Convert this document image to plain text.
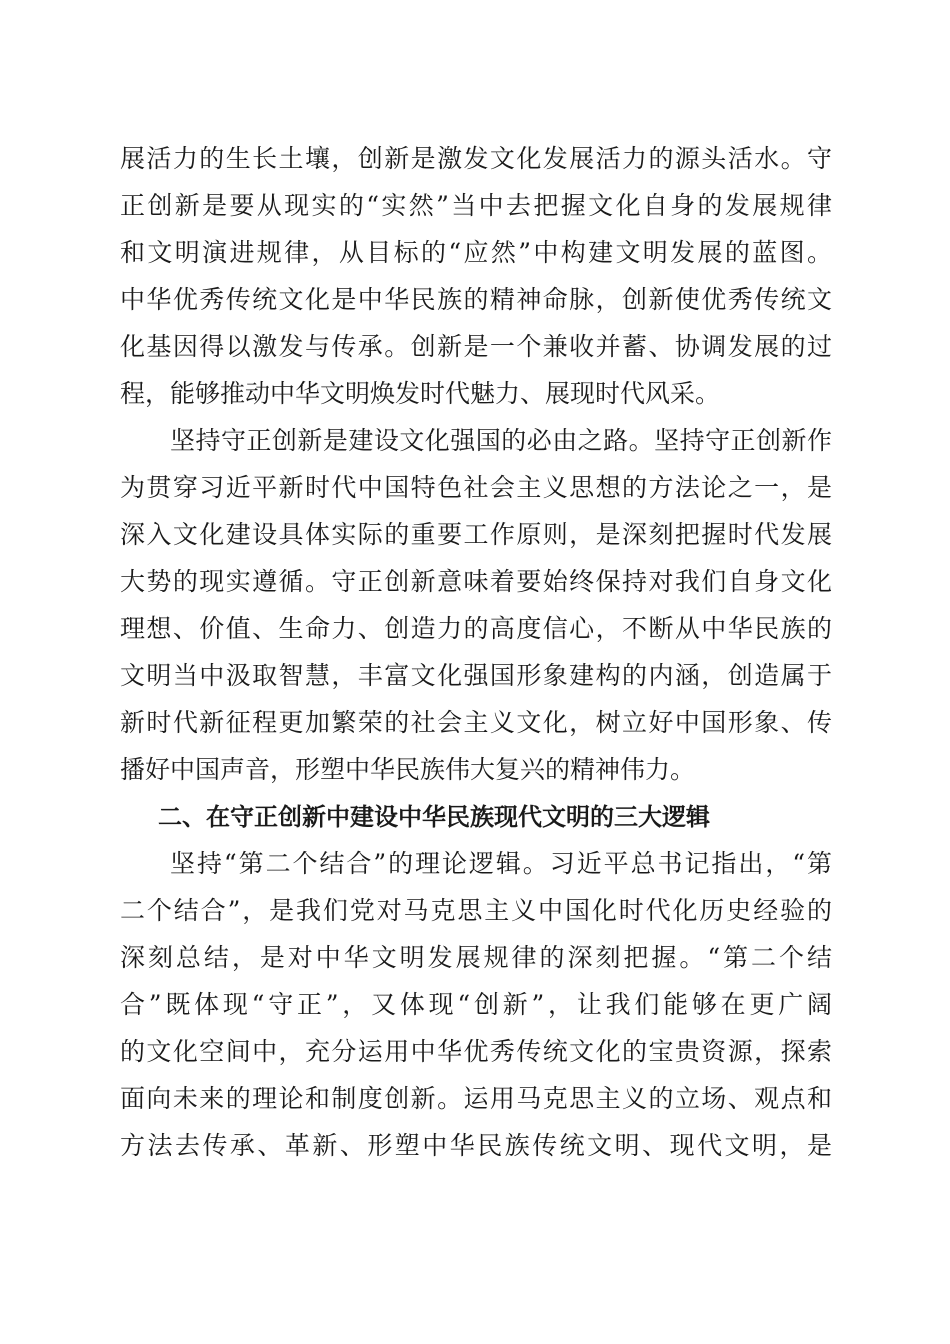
展活力的生长土壤，创新是激发文化发展活力的源头活水。守
正创新是要从现实的“实然”当中去把握文化自身的发展规律
和文明演进规律，从目标的“应然”中构建文明发展的蓝图。
中华优秀传统文化是中华民族的精神命脉，创新使优秀传统文
化基因得以激发与传承。创新是一个兼收并蓄、协调发展的过
程，能够推动中华文明焕发时代魅力、展现时代风采。
坚持守正创新是建设文化强国的必由之路。坚持守正创新作
为贯穿习近平新时代中国特色社会主义思想的方法论之一，是
深入文化建设具体实际的重要工作原则，是深刻把握时代发展
大势的现实遵循。守正创新意味着要始终保持对我们自身文化
理想、价值、生命力、创造力的高度信心，不断从中华民族的
文明当中汲取智慧，丰富文化强国形象建构的内涵，创造属于
新时代新征程更加繁荣的社会主义文化，树立好中国形象、传
播好中国声音，形塑中华民族伟大复兴的精神伟力。
二、在守正创新中建设中华民族现代文明的三大逻辑
坚持“第二个结合”的理论逻辑。习近平总书记指出，“第
二个结合”，是我们党对马克思主义中国化时代化历史经验的
深刻总结，是对中华文明发展规律的深刻把握。“第二个结
合”既体现“守正”，又体现“创新”，让我们能够在更广阔
的文化空间中，充分运用中华优秀传统文化的宝贵资源，探索
面向未来的理论和制度创新。运用马克思主义的立场、观点和
方法去传承、革新、形塑中华民族传统文明、现代文明，是
